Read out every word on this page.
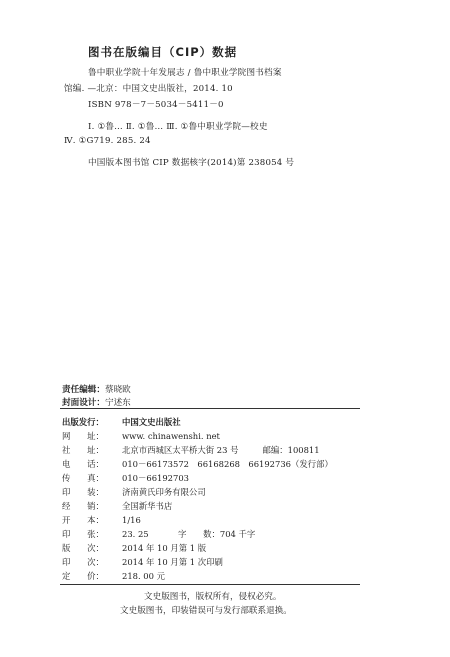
图书在版编目（CIP）数据
鲁中职业学院十年发展志 / 鲁中职业学院图书档案
馆编. —北京：中国文史出版社，2014. 10
ISBN 978－7－5034－5411－0
Ⅰ. ①鲁… Ⅱ. ①鲁… Ⅲ. ①鲁中职业学院—校史
Ⅳ. ①G719. 285. 24
中国版本图书馆 CIP 数据核字(2014)第 238054 号
责任编辑：蔡晓欧
封面设计：宁述东
出版发行： 中国文史出版社
网　　址： www. chinawenshi. net
社　　址： 北京市西城区太平桥大街 23 号	邮编：100811
电　　话： 010－66173572　66168268　66192736（发行部）
传　　真： 010－66192703
印　　装： 济南黄氏印务有限公司
经　　销： 全国新华书店
开　　本： 1/16
印　　张： 23. 25	字　　数：704 千字
版　　次： 2014 年 10 月第 1 版
印　　次： 2014 年 10 月第 1 次印刷
定　　价： 218. 00 元
文史版图书，版权所有，侵权必究。
文史版图书，印装错误可与发行部联系退换。
